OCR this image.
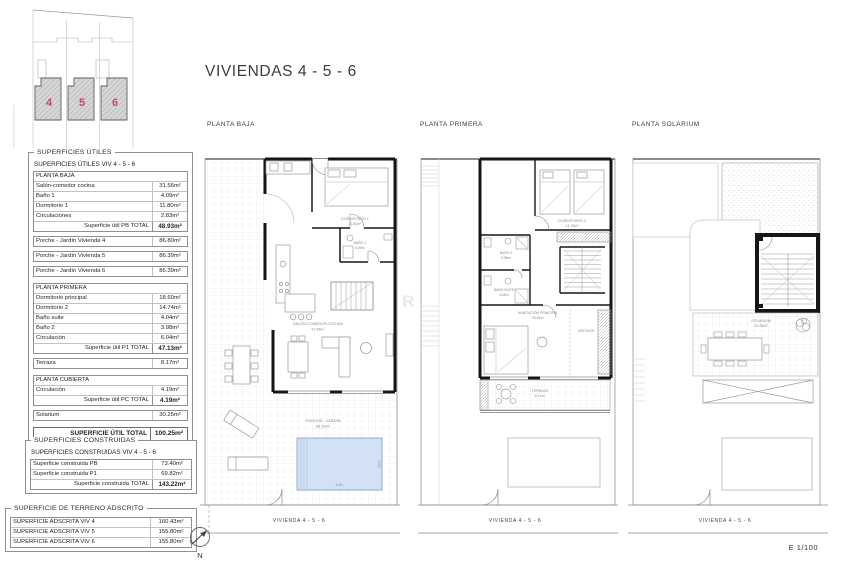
4 5 6
VIVIENDAS 4 - 5 - 6
PLANTA BAJA	PLANTA PRIMERA	PLANTA SOLARIUM
4.50
2.00
DORMITORIO 1
11.80m²
BAÑO 1
4.09m²
SALÓN-COMEDOR-COCINA
31.56m²
PORCHE - JARDÍN
86.39m²
VIVIENDA 4 - 5 - 6
DORMITORIO 2
14.74m²
BAÑO 2
3.98m²
BAÑO SUITE
4.04m²
HABITACIÓN PRINCIPAL
18.60m²
VESTIDOR
TERRAZA
8.17m²
VIVIENDA 4 - 5 - 6
SOLARIUM
30.25m²
VIVIENDA 4 - 5 - 6
SUPERFICIES ÚTILES
SUPERFICIES ÚTILES VIV 4 - 5 - 6
PLANTA BAJA
Salón-comedor cocina	31.56m²
Baño 1	4.09m²
Dormitorio 1	11.80m²
Circulaciones	2.83m²
Superficie útil PB TOTAL	48.93m²
Porche - Jardín Vivienda 4	86.80m²
Porche - Jardín Vivienda 5	86.39m²
Porche - Jardín Vivienda 6	86.39m²
PLANTA PRIMERA
Dormitorio principal	18.60m²
Dormitorio 2	14.74m²
Baño suite	4.04m²
Baño 2	3.98m²
Circulación	6.04m²
Superficie útil P1 TOTAL	47.13m²
Terraza	8.17m²
PLANTA CUBIERTA
Circulación	4.19m²
Superficie útil PC TOTAL	4.19m²
Solarium	30.25m²
SUPERFICIE ÚTIL TOTAL	100.25m²
SUPERFICIES CONSTRUIDAS
SUPERFICIES CONSTRUIDAS VIV 4 - 5 - 6
Superficie construida PB	73.40m²
Superficie construida P1	69.82m²
Superficie construida TOTAL	143.22m²
SUPERFICIE DE TERRENO ADSCRITO
SUPERFICIE ADSCRITA VIV 4	160.43m²
SUPERFICIE ADSCRITA VIV 5	155.80m²
SUPERFICIE ADSCRITA VIV 6	155.80m²
N
E 1/100
